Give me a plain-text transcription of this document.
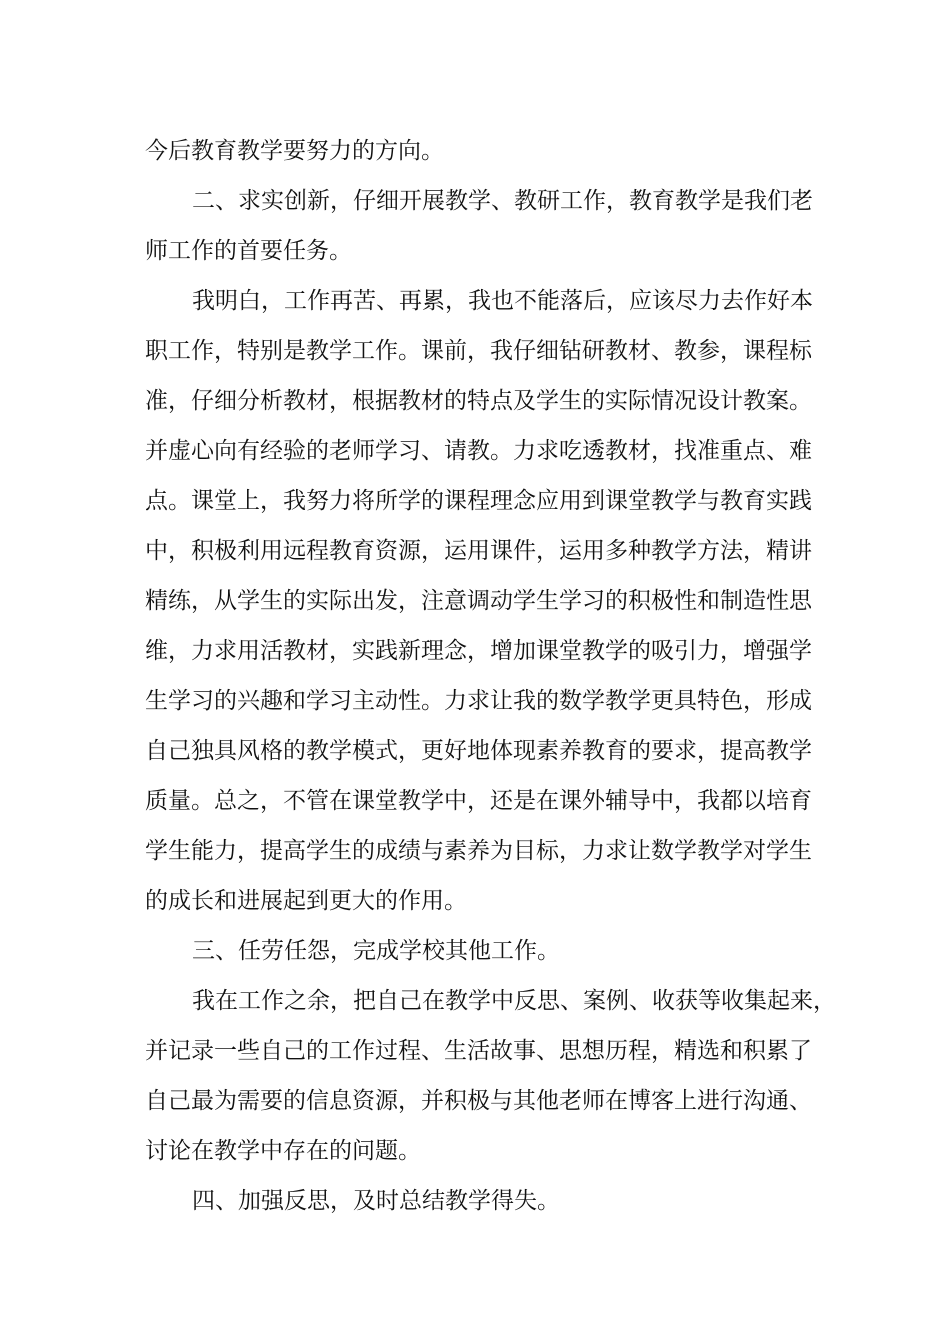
今后教育教学要努力的方向。
二、求实创新，仔细开展教学、教研工作，教育教学是我们老
师工作的首要任务。
我明白，工作再苦、再累，我也不能落后，应该尽力去作好本
职工作，特别是教学工作。课前，我仔细钻研教材、教参，课程标
准，仔细分析教材，根据教材的特点及学生的实际情况设计教案。
并虚心向有经验的老师学习、请教。力求吃透教材，找准重点、难
点。课堂上，我努力将所学的课程理念应用到课堂教学与教育实践
中，积极利用远程教育资源，运用课件，运用多种教学方法，精讲
精练，从学生的实际出发，注意调动学生学习的积极性和制造性思
维，力求用活教材，实践新理念，增加课堂教学的吸引力，增强学
生学习的兴趣和学习主动性。力求让我的数学教学更具特色，形成
自己独具风格的教学模式，更好地体现素养教育的要求，提高教学
质量。总之，不管在课堂教学中，还是在课外辅导中，我都以培育
学生能力，提高学生的成绩与素养为目标，力求让数学教学对学生
的成长和进展起到更大的作用。
三、任劳任怨，完成学校其他工作。
我在工作之余，把自己在教学中反思、案例、收获等收集起来，
并记录一些自己的工作过程、生活故事、思想历程，精选和积累了
自己最为需要的信息资源，并积极与其他老师在博客上进行沟通、
讨论在教学中存在的问题。
四、加强反思，及时总结教学得失。
